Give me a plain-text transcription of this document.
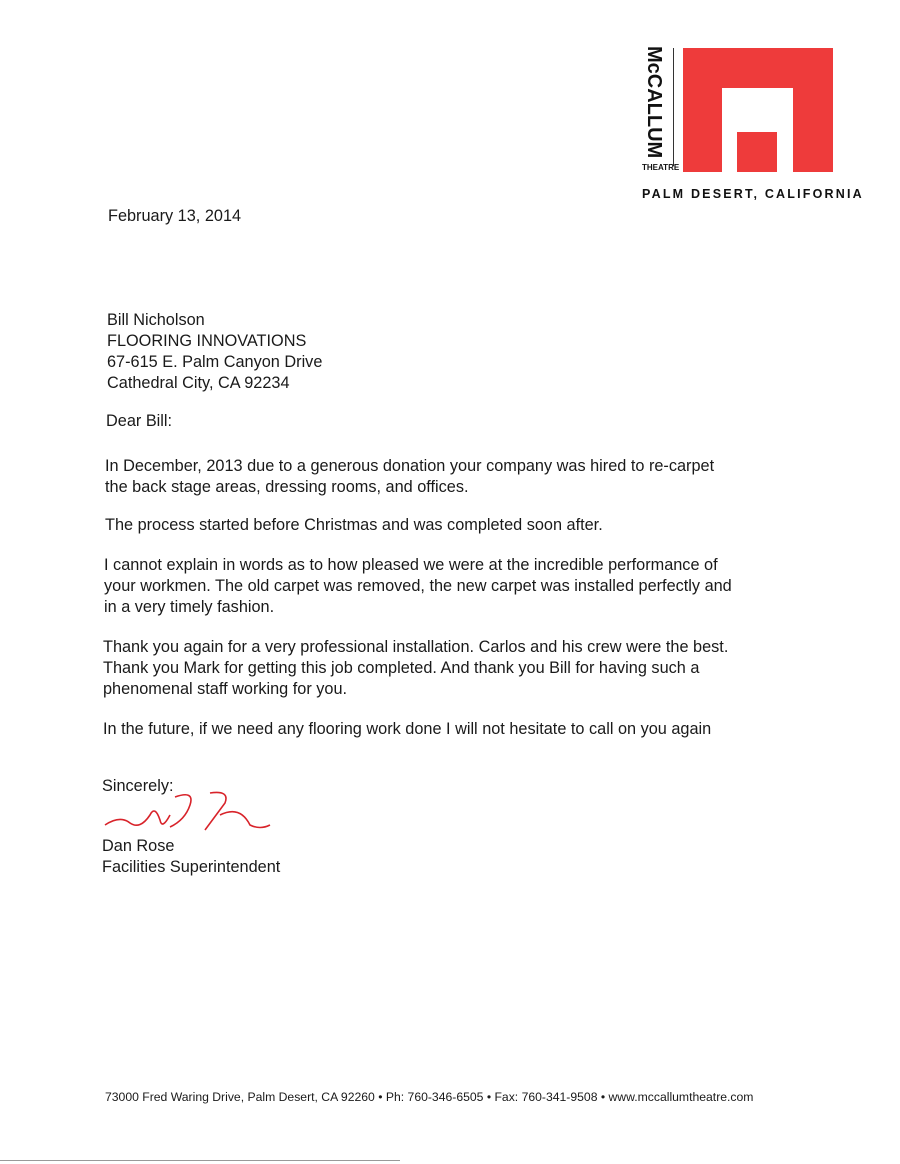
McCALLUM
THEATRE
PALM DESERT, CALIFORNIA
February 13, 2014
Bill Nicholson
FLOORING INNOVATIONS
67-615 E. Palm Canyon Drive
Cathedral City, CA 92234
Dear Bill:
In December, 2013 due to a generous donation your company was hired to re-carpet
the back stage areas, dressing rooms, and offices.
The process started before Christmas and was completed soon after.
I cannot explain in words as to how pleased we were at the incredible performance of
your workmen. The old carpet was removed, the new carpet was installed perfectly and
in a very timely fashion.
Thank you again for a very professional installation. Carlos and his crew were the best.
Thank you Mark for getting this job completed. And thank you Bill for having such a
phenomenal staff working for you.
In the future, if we need any flooring work done I will not hesitate to call on you again
Sincerely:
Dan Rose
Facilities Superintendent
73000 Fred Waring Drive, Palm Desert, CA 92260 • Ph: 760-346-6505 • Fax: 760-341-9508 • www.mccallumtheatre.com
